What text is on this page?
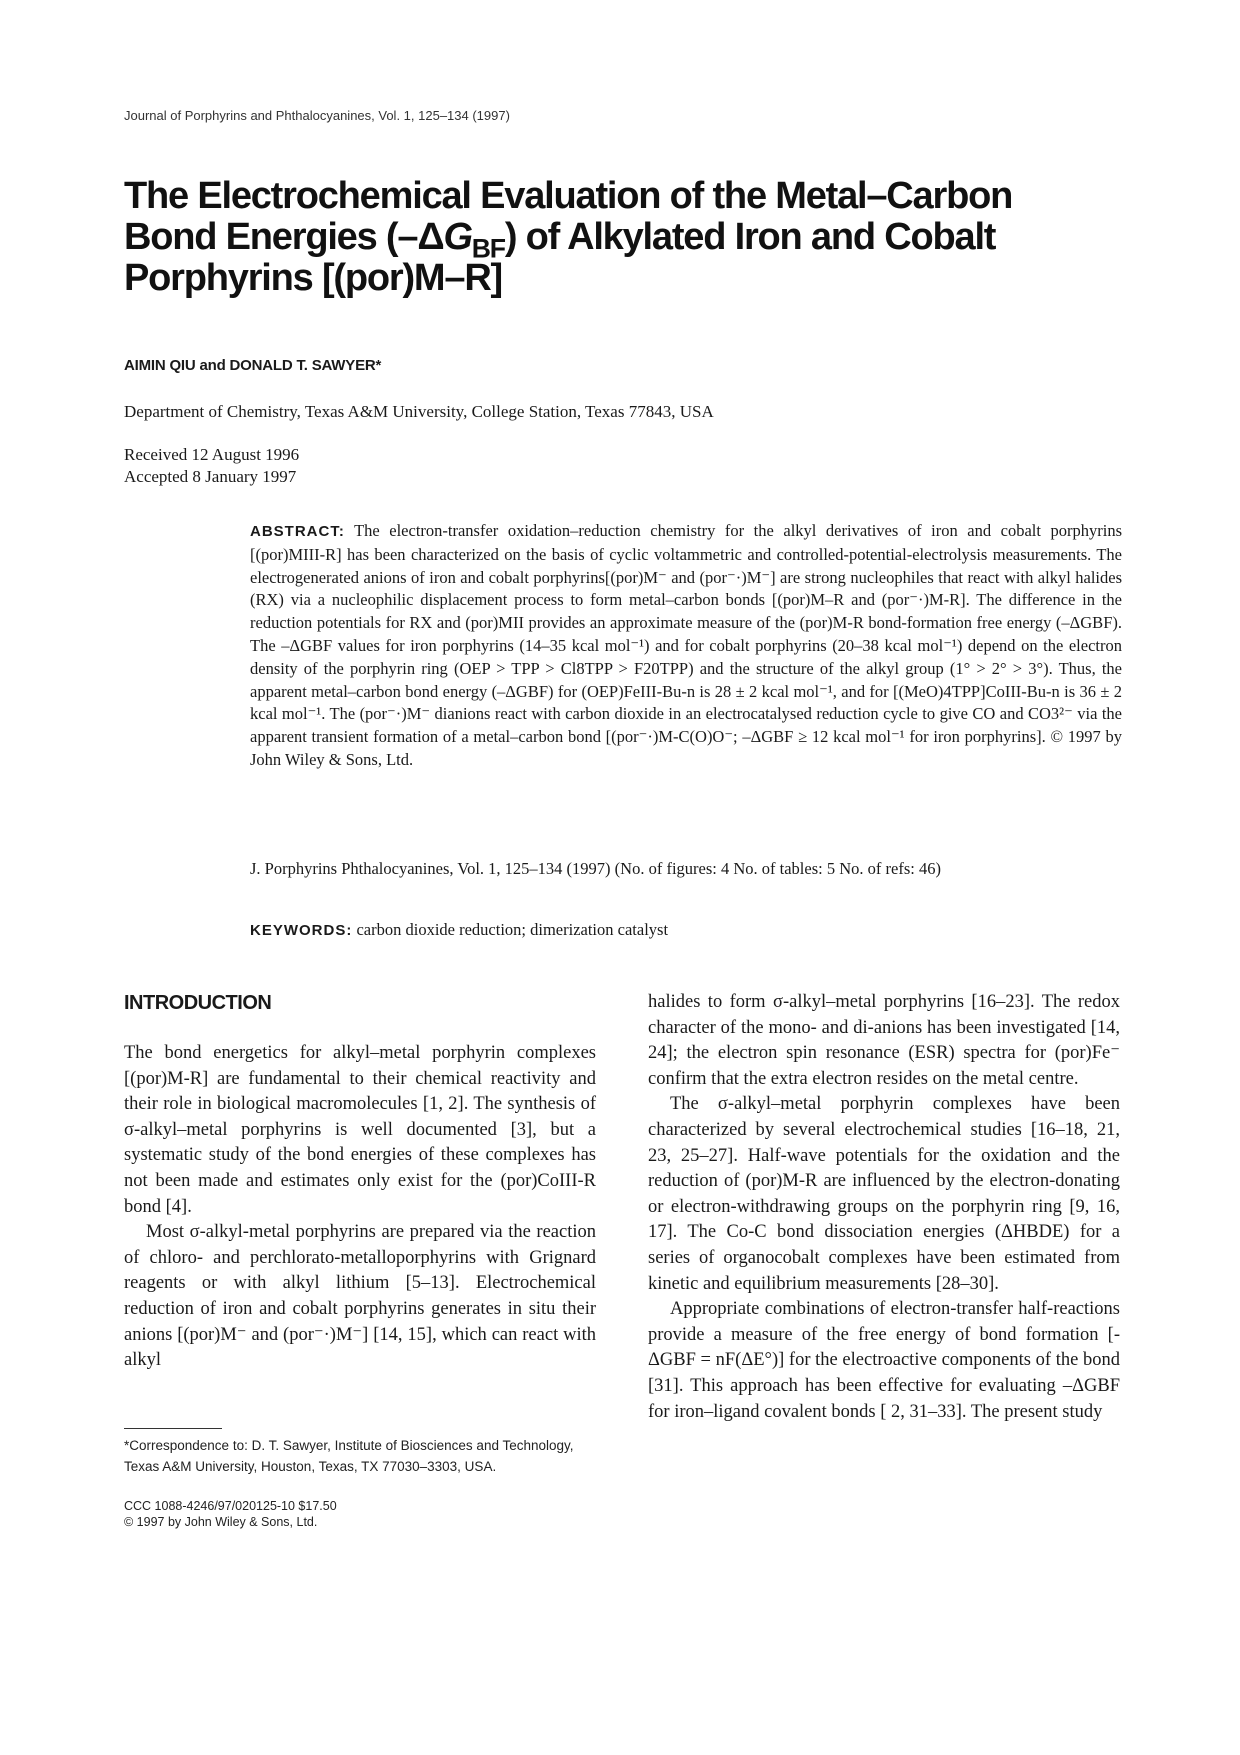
Journal of Porphyrins and Phthalocyanines, Vol. 1, 125–134 (1997)
The Electrochemical Evaluation of the Metal–Carbon
Bond Energies $(-\Delta G_{BF})$ of Alkylated Iron and Cobalt
Porphyrins [(por)M–R]
AIMIN QIU and DONALD T. SAWYER*
Department of Chemistry, Texas A&M University, College Station, Texas 77843, USA
Received 12 August 1996
Accepted 8 January 1997
ABSTRACT: The electron-transfer oxidation–reduction chemistry for the alkyl derivatives of iron and cobalt porphyrins [(por)MIII-R] has been characterized on the basis of cyclic voltammetric and controlled-potential-electrolysis measurements. The electrogenerated anions of iron and cobalt porphyrins[(por)M⁻ and (por⁻·)M⁻] are strong nucleophiles that react with alkyl halides (RX) via a nucleophilic displacement process to form metal–carbon bonds [(por)M–R and (por⁻·)M-R]. The difference in the reduction potentials for RX and (por)MII provides an approximate measure of the (por)M-R bond-formation free energy (–ΔGBF). The –ΔGBF values for iron porphyrins (14–35 kcal mol⁻¹) and for cobalt porphyrins (20–38 kcal mol⁻¹) depend on the electron density of the porphyrin ring (OEP > TPP > Cl8TPP > F20TPP) and the structure of the alkyl group (1° > 2° > 3°). Thus, the apparent metal–carbon bond energy (–ΔGBF) for (OEP)FeIII-Bu-n is 28 ± 2 kcal mol⁻¹, and for [(MeO)4TPP]CoIII-Bu-n is 36 ± 2 kcal mol⁻¹. The (por⁻·)M⁻ dianions react with carbon dioxide in an electrocatalysed reduction cycle to give CO and CO3²⁻ via the apparent transient formation of a metal–carbon bond [(por⁻·)M-C(O)O⁻; –ΔGBF ≥ 12 kcal mol⁻¹ for iron porphyrins]. © 1997 by John Wiley & Sons, Ltd.
J. Porphyrins Phthalocyanines, Vol. 1, 125–134 (1997) (No. of figures: 4 No. of tables: 5 No. of refs: 46)
KEYWORDS: carbon dioxide reduction; dimerization catalyst
INTRODUCTION

The bond energetics for alkyl–metal porphyrin complexes [(por)M-R] are fundamental to their chemical reactivity and their role in biological macromolecules [1, 2]. The synthesis of σ-alkyl–metal porphyrins is well documented [3], but a systematic study of the bond energies of these complexes has not been made and estimates only exist for the (por)CoIII-R bond [4].

Most σ-alkyl-metal porphyrins are prepared via the reaction of chloro- and perchlorato-metalloporphyrins with Grignard reagents or with alkyl lithium [5–13]. Electrochemical reduction of iron and cobalt porphyrins generates in situ their anions [(por)M⁻ and (por⁻·)M⁻] [14, 15], which can react with alkyl

halides to form σ-alkyl–metal porphyrins [16–23]. The redox character of the mono- and di-anions has been investigated [14, 24]; the electron spin resonance (ESR) spectra for (por)Fe⁻ confirm that the extra electron resides on the metal centre.

The σ-alkyl–metal porphyrin complexes have been characterized by several electrochemical studies [16–18, 21, 23, 25–27]. Half-wave potentials for the oxidation and the reduction of (por)M-R are influenced by the electron-donating or electron-withdrawing groups on the porphyrin ring [9, 16, 17]. The Co-C bond dissociation energies (ΔHBDE) for a series of organocobalt complexes have been estimated from kinetic and equilibrium measurements [28–30].

Appropriate combinations of electron-transfer half-reactions provide a measure of the free energy of bond formation [-ΔGBF = nF(ΔE°)] for the electroactive components of the bond [31]. This approach has been effective for evaluating –ΔGBF for iron–ligand covalent bonds [ 2, 31–33]. The present study

*Correspondence to: D. T. Sawyer, Institute of Biosciences and Technology, Texas A&M University, Houston, Texas, TX 77030–3303, USA.
CCC 1088-4246/97/020125-10 $17.50
© 1997 by John Wiley & Sons, Ltd.
